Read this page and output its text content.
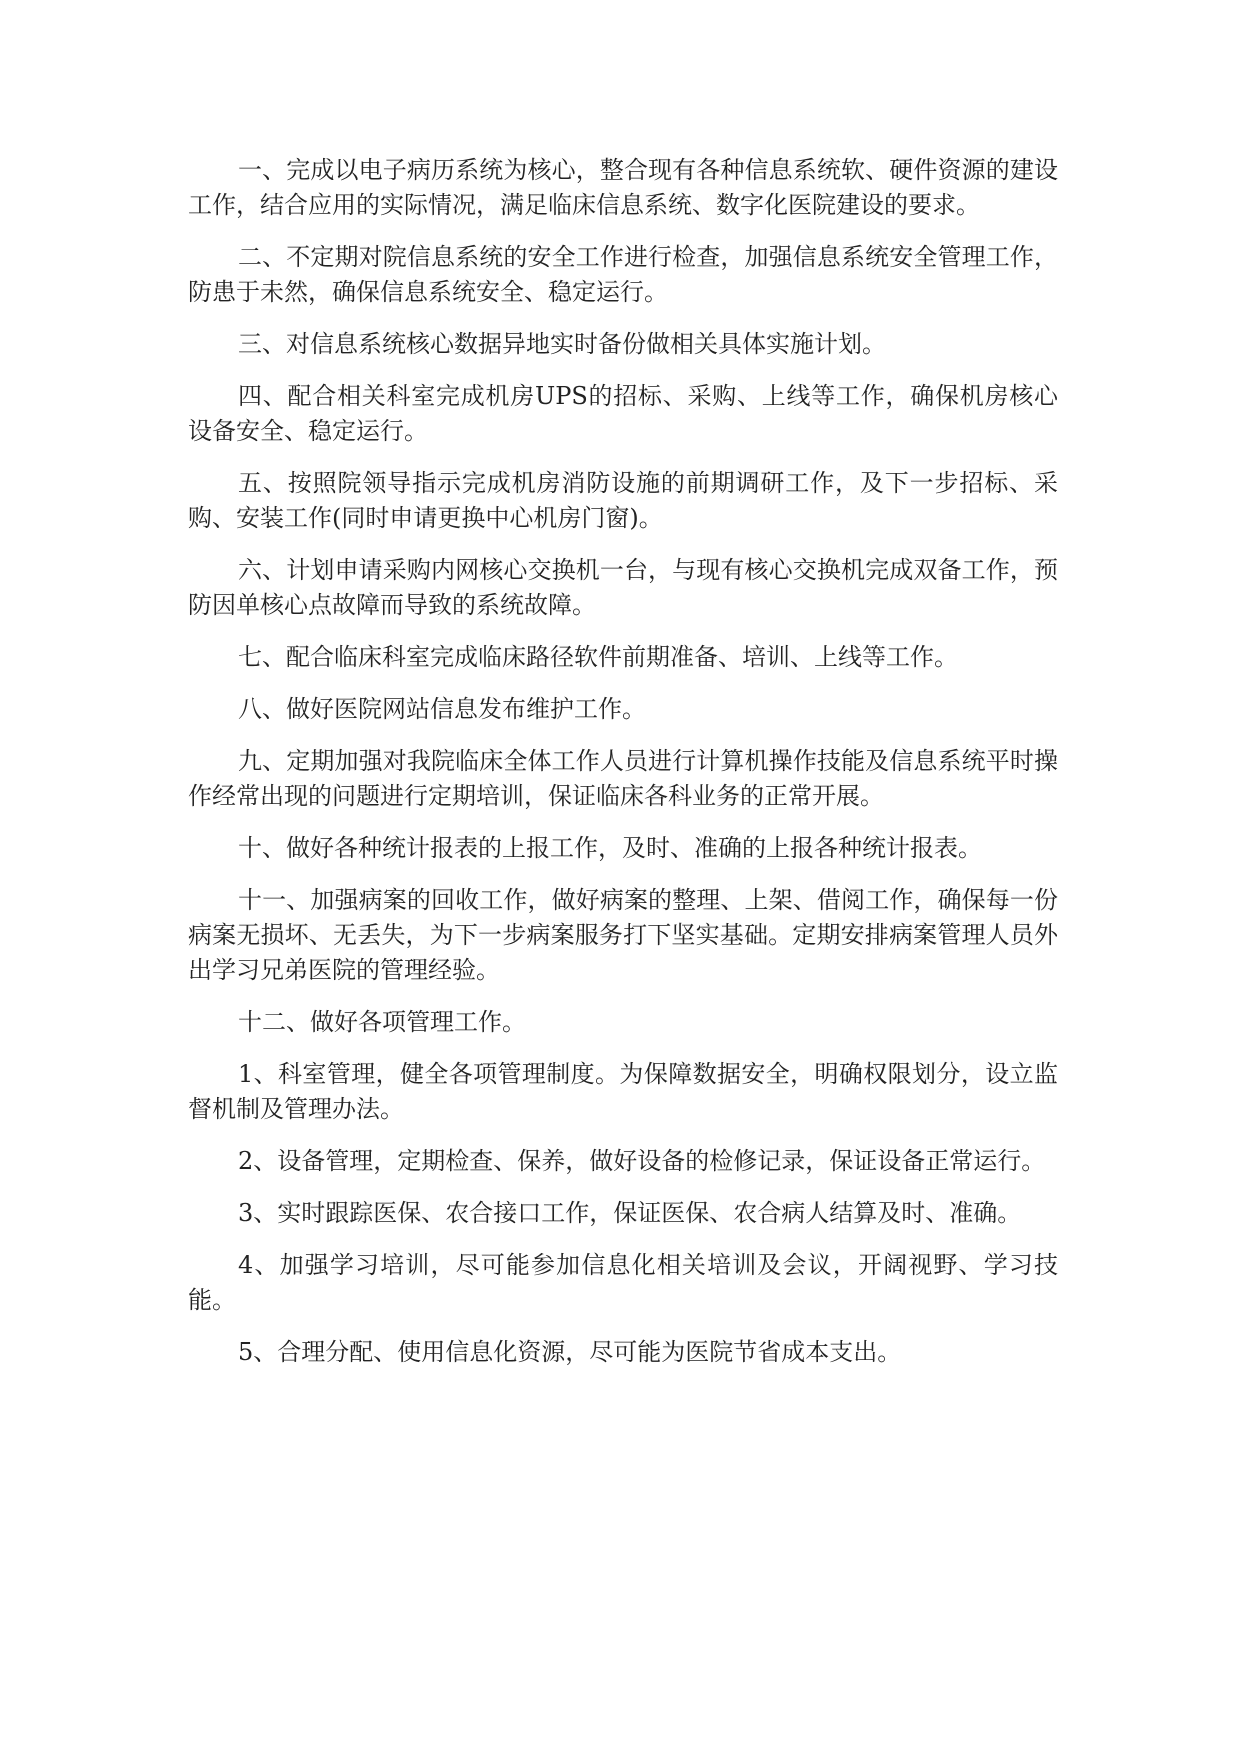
一、完成以电子病历系统为核心，整合现有各种信息系统软、硬件资源的建设工作，结合应用的实际情况，满足临床信息系统、数字化医院建设的要求。

二、不定期对院信息系统的安全工作进行检查，加强信息系统安全管理工作，防患于未然，确保信息系统安全、稳定运行。

三、对信息系统核心数据异地实时备份做相关具体实施计划。

四、配合相关科室完成机房UPS的招标、采购、上线等工作，确保机房核心设备安全、稳定运行。

五、按照院领导指示完成机房消防设施的前期调研工作，及下一步招标、采购、安装工作(同时申请更换中心机房门窗)。

六、计划申请采购内网核心交换机一台，与现有核心交换机完成双备工作，预防因单核心点故障而导致的系统故障。

七、配合临床科室完成临床路径软件前期准备、培训、上线等工作。

八、做好医院网站信息发布维护工作。

九、定期加强对我院临床全体工作人员进行计算机操作技能及信息系统平时操作经常出现的问题进行定期培训，保证临床各科业务的正常开展。

十、做好各种统计报表的上报工作，及时、准确的上报各种统计报表。

十一、加强病案的回收工作，做好病案的整理、上架、借阅工作，确保每一份病案无损坏、无丢失，为下一步病案服务打下坚实基础。定期安排病案管理人员外出学习兄弟医院的管理经验。

十二、做好各项管理工作。

1、科室管理，健全各项管理制度。为保障数据安全，明确权限划分，设立监督机制及管理办法。

2、设备管理，定期检查、保养，做好设备的检修记录，保证设备正常运行。

3、实时跟踪医保、农合接口工作，保证医保、农合病人结算及时、准确。

4、加强学习培训，尽可能参加信息化相关培训及会议，开阔视野、学习技能。

5、合理分配、使用信息化资源，尽可能为医院节省成本支出。
